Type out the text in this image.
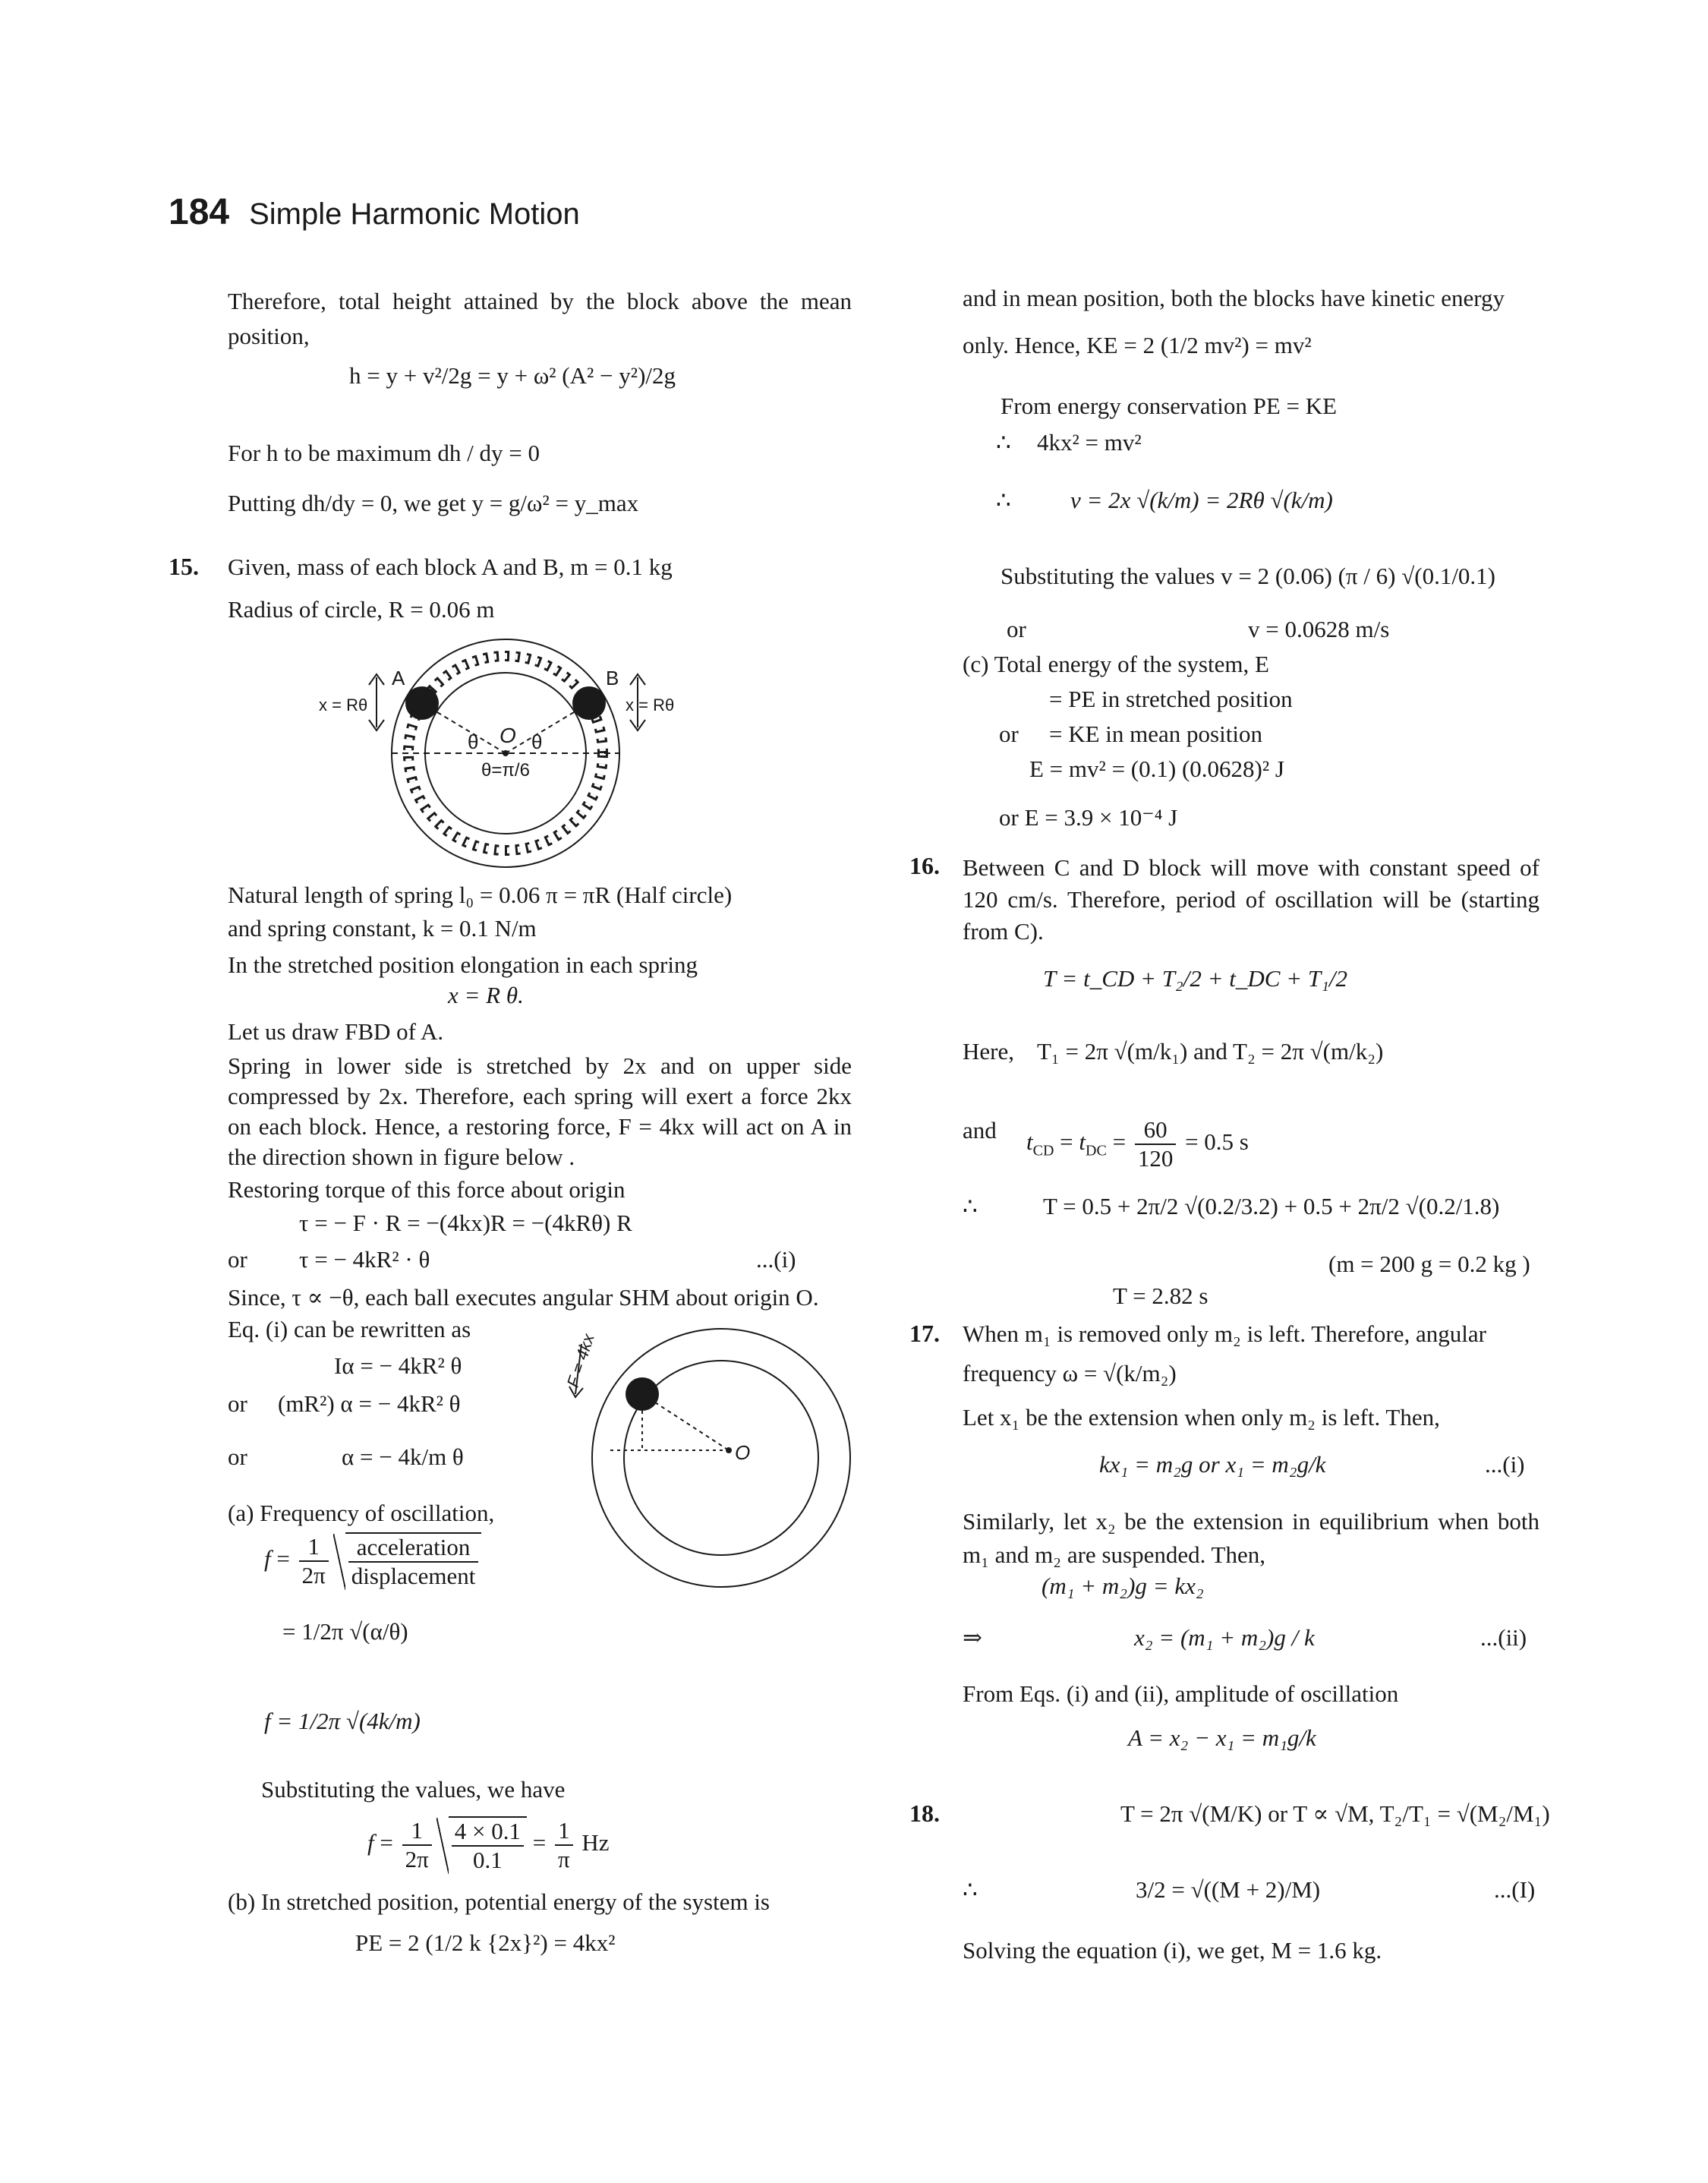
184 Simple Harmonic Motion
Therefore, total height attained by the block above the mean position,
h = y + v²/2g = y + ω² (A² − y²)/2g
For h to be maximum dh / dy = 0
Putting dh/dy = 0, we get y = g/ω² = y_max
15. Given, mass of each block A and B, m = 0.1 kg
Radius of circle, R = 0.06 m
A	B
O
x = Rθ	x = Rθ
θ	θ
θ=π/6
Natural length of spring l₀ = 0.06 π = πR (Half circle)
and spring constant, k = 0.1 N/m
In the stretched position elongation in each spring
x = R θ.
Let us draw FBD of A.
Spring in lower side is stretched by 2x and on upper side compressed by 2x. Therefore, each spring will exert a force 2kx on each block. Hence, a restoring force, F = 4kx will act on A in the direction shown in figure below .
Restoring torque of this force about origin
τ = − F · R = −(4kx)R = −(4kRθ) R
or τ = − 4kR² · θ	...(i)
Since, τ ∝ −θ, each ball executes angular SHM about origin O.
Eq. (i) can be rewritten as
Iα = − 4kR² θ
or (mR²) α = − 4kR² θ
or	α = − 4k/m θ
F = 4kx
O
(a) Frequency of oscillation,
$f = \frac{1}{2\pi}$	acceleration
displacement
= 1/2π √(α/θ)
f = 1/2π √(4k/m)
Substituting the values, we have
$f = \frac{1}{2\pi} \frac{4 \times 0.1}{0.1} = \frac{1}{\pi}$ Hz
(b) In stretched position, potential energy of the system is
PE = 2 (1/2 k {2x}²) = 4kx²
and in mean position, both the blocks have kinetic energy
only. Hence, KE = 2 (1/2 mv²) = mv²
From energy conservation PE = KE
∴ 4kx² = mv²
∴	v = 2x √(k/m) = 2Rθ √(k/m)
Substituting the values v = 2 (0.06) (π / 6) √(0.1/0.1)
or	v = 0.0628 m/s
(c) Total energy of the system, E
= PE in stretched position
or = KE in mean position
E = mv² = (0.1) (0.0628)² J
or E = 3.9 × 10⁻⁴ J
16. Between C and D block will move with constant speed of 120 cm/s. Therefore, period of oscillation will be (starting from C).
T = t_CD + T₂/2 + t_DC + T₁/2
Here, T₁ = 2π √(m/k₁) and T₂ = 2π √(m/k₂)
and $t_{CD} = t_{DC} = \frac{60}{120} = 0.5$ s
∴	T = 0.5 + 2π/2 √(0.2/3.2) + 0.5 + 2π/2 √(0.2/1.8)
(m = 200 g = 0.2 kg )
T = 2.82 s
17. When m₁ is removed only m₂ is left. Therefore, angular
frequency ω = √(k/m₂)
Let x₁ be the extension when only m₂ is left. Then,
kx₁ = m₂g or x₁ = m₂g/k	...(i)
Similarly, let x₂ be the extension in equilibrium when both m₁ and m₂ are suspended. Then,
(m₁ + m₂)g = kx₂
⇒	x₂ = (m₁ + m₂)g / k	...(ii)
From Eqs. (i) and (ii), amplitude of oscillation
A = x₂ − x₁ = m₁g/k
18.	T = 2π √(M/K) or T ∝ √M, T₂/T₁ = √(M₂/M₁)
∴	3/2 = √((M + 2)/M)	...(I)
Solving the equation (i), we get, M = 1.6 kg.
